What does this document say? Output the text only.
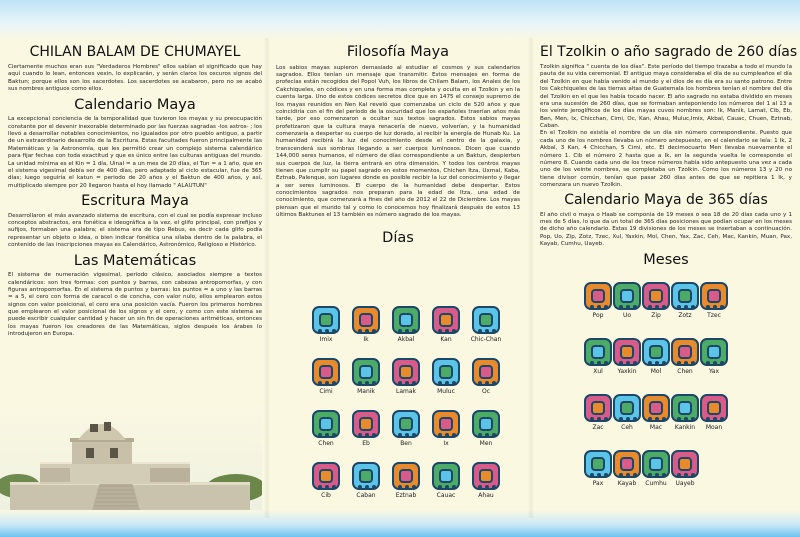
CHILAN BALAM DE CHUMAYEL

Ciertamente muchos eran sus "Verdaderos Hombres" ellos sabían el significado que hay aquí cuando lo lean, entonces vexin, lo explicarán, y serán claros los oscuros signos del Baktun; porque ellos son los sacerdotes. Los sacerdotes se acabaron, pero no se acabó sus nombres antiguos como ellos.

Calendario Maya

La excepcional conciencia de la temporalidad que tuvieron los mayas y su preocupación constante por el devenir inexorable determinado por las fuerzas sagradas -los astros- ; los llevó a desarrollar notables conocimientos, no igualados por otro pueblo antiguo, a partir de un extraordinario desarrollo de la Escritura. Estas facultades fueron principalmente las Matemáticas y la Astronomía, que les permitió crear un complejo sistema calendárico para fijar fechas con toda exactitud y que es único entre las culturas antiguas del mundo. La unidad mínima es el Kin = 1 día, Uinal = a un mes de 20 días, el Tun = a 1 año, que en el sistema vigesimal debía ser de 400 días, pero adaptado al ciclo estacular, fue de 365 días; luego seguiría el katun = periodo de 20 años y el Baktun de 400 años, y así, multiplicado siempre por 20 llegaron hasta el hoy llamado " ALAUTUN"

Escritura Maya

Desarrollaron el más avanzado sistema de escritura, con el cual se podía expresar incluso conceptos abstractos, era fonética e ideográfica a la vez, el glifo principal, con prefijos y sufijos, formaban una palabra; el sistema era de tipo Rebus, es decir cada glifo podía representar un objeto o idea, o bien indicar fonética una sílaba dentro de la palabra, el contenido de las inscripciones mayas es Calendárico, Astronómico, Religioso e Histórico.

Las Matemáticas

El sistema de numeración vigesimal, periodo clásico, asociados siempre a textos calendáricos: son tres formas: con puntos y barras, con cabezas antropomorfas, y con figuras antropomorfas. En el sistema de puntos y barras: los puntos = a uno y las barras = a 5, el cero con forma de caracol o de concha, con valor nulo, ellos emplearon estos signos con valor posicional, el cero era una posición vacía. Fueron los primeros hombres que emplearon el valor posicional de los signos y el cero, y como con este sistema se puede escribir cualquier cantidad y hacer un sin fin de operaciones aritméticas, entonces los mayas fueron los creadores de las Matemáticas, siglos después los árabes lo introdujeron en Europa.

Filosofía Maya

Los sabios mayas supieron demasiado al estudiar el cosmos y sus calendarios sagrados. Ellos tenían un mensaje que transmitir. Estos mensajes en forma de profecías están recogidos del Popol Vuh, los libros de Chilam Balam, los Anales de los Cakchiqueles, en códices y en una forma mas completa y oculta en el Tzolkin y en la cuenta larga. Uno de estos códices secretos dice que en 1475 el consejo supremo de los mayas reunidos en Nen Kal reveló que comenzaba un ciclo de 520 años y que coincidiría con el fin del período de la oscuridad que los españoles traerían años más tarde, por eso comenzaron a ocultar sus textos sagrados. Estos sabios mayas profetizaron que la cultura maya renacería de nuevo, volverían, y la humanidad comenzaría a despertar su cuerpo de luz dorado, al recibir la energía de Hunab Ku. La humanidad recibirá la luz del conocimiento desde el centro de la galaxia, y transcenderá sus sombras llegando a ser cuerpos luminosos. Dicen que cuando 144,000 seres humanos, el número de días correspondiente a un Baktun, despierten sus cuerpos de luz, la tierra entrará en otra dimensión. Y todos los centros mayas tienen que cumplir su papel sagrado en estos momentos, Chichen Itza, Uxmal, Kaba, Eztnab, Palenque, son lugares donde es posible recibir la luz del conocimiento y llegar a ser seres luminosos. El cuerpo de la humanidad debe despertar. Estos conocimientos sagrados nos preparan para la edad de Itza, una edad de conocimiento, que comenzará a fines del año de 2012 el 22 de Diciembre. Los mayas piensan que el mundo tal y como lo conocemos hoy finalizará después de estos 13 últimos Baktunes el 13 también es número sagrado de los mayas.

Días
Imix	Ik	Akbal	Kan	Chic-Chan
Cimi	Manik	Lamak	Muluc	Oc
Chen	Eb	Ben	Ix	Men
Cib	Caban	Eztnab	Cauac	Ahau
El Tzolkin o año sagrado de 260 días

Tzolkin significa " cuenta de los días". Este período del tiempo trazaba a todo el mundo la pauta de su vida ceremonial. El antiguo maya consideraba el día de su cumpleaños el día del Tzolkin en que había venido al mundo y el dios de es día era su santo patrono. Entre los Cakchiqueles de las tierras altas de Guatemala los hombres tenían el nombre del día del Tzolkin en el que les había tocado nacer. El año sagrado no estaba dividido en meses era una sucesión de 260 días, que se formaban anteponiendo los números del 1 al 13 a los veinte jeroglíficos de los días mayas cuvos nombres son: Ik, Manik, Lamat, Cib, Eb, Ben, Men, Ix, Chicchan, Cimi, Oc, Kan, Ahau, Muluc,Imix, Akbal, Cauac, Chuen, Eztnab, Caban.
En el Tzolkin no existía el nombre de un día sin número correspondiente. Puesto que cada uno de los nombres llevaba un número antepuesto, en el calendario se leía: 1 Ik, 2 Akbal, 3 Kan, 4 Chicchan, 5 Cimi, etc. El decimocuarto Men llevaba nuevamente el número 1. Cib el número 2 hasta que a Ik, en la segunda vuelta le corresponde el número 8. Cuando cada uno de los trece números había sido antepuesto una vez a cada uno de los veinte nombres, se completaba un Tzolkin. Como los números 13 y 20 no tiene divisor común, tenían que pasar 260 días antes de que se repitiera 1 Ik, y comenzara un nuevo Tzolkin.

Calendario Maya de 365 días

El año civil o maya o Haab se componía de 19 meses o sea 18 de 20 días cada uno y 1 mes de 5 días, lo que da un total de 365 días posiciones que podían ocupar en los meses de dicho año calendario. Estas 19 divisiones de los meses se insertaban a continuación. Pop, Uo, Zip, Zotz, Tzec, Xul, Yaxkin, Mol, Chen, Yax, Zac, Ceh, Mac, Kankin, Muan, Pax, Kayab, Cumhu, Uayeb.

Meses
Pop	Uo	Zip	Zotz	Tzec
Xul	Yaxkin	Mol	Chen	Yax
Zac	Ceh	Mac	Kankin	Moan
Pax	Kayab	Cumhu	Uayeb
